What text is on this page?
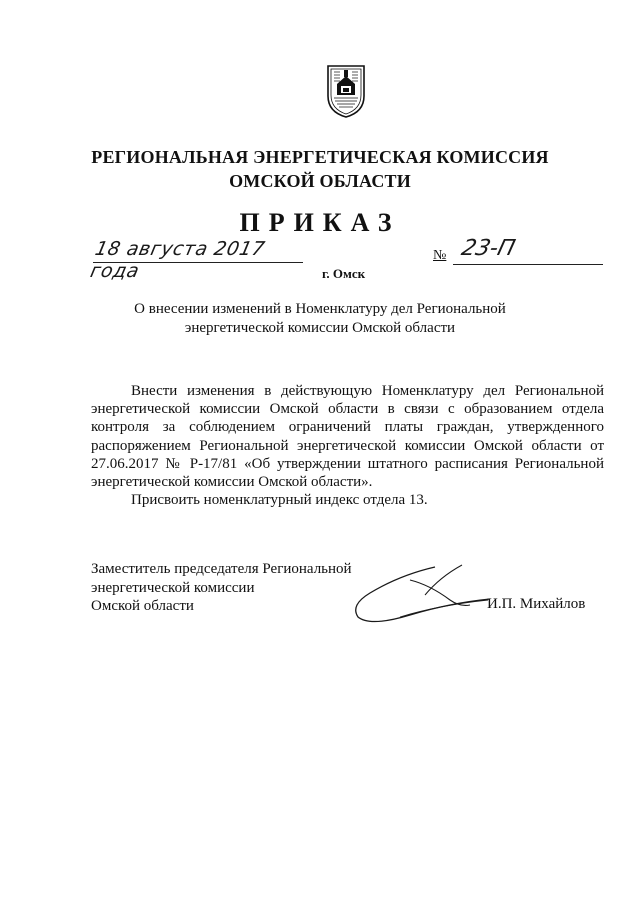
РЕГИОНАЛЬНАЯ ЭНЕРГЕТИЧЕСКАЯ КОМИССИЯ
ОМСКОЙ ОБЛАСТИ
ПРИКАЗ
18 августа 2017 года	г. Омск
№ 23-П
О внесении изменений в Номенклатуру дел Региональной
энергетической комиссии Омской области

Внести изменения в действующую Номенклатуру дел Региональной энергетической комиссии Омской области в связи с образованием отдела контроля за соблюдением ограничений платы граждан, утвержденного распоряжением Региональной энергетической комиссии Омской области от 27.06.2017 № Р-17/81 «Об утверждении штатного расписания Региональной энергетической комиссии Омской области».

Присвоить номенклатурный индекс отдела 13.

Заместитель председателя Региональной
энергетической комиссии
Омской области	И.П. Михайлов
